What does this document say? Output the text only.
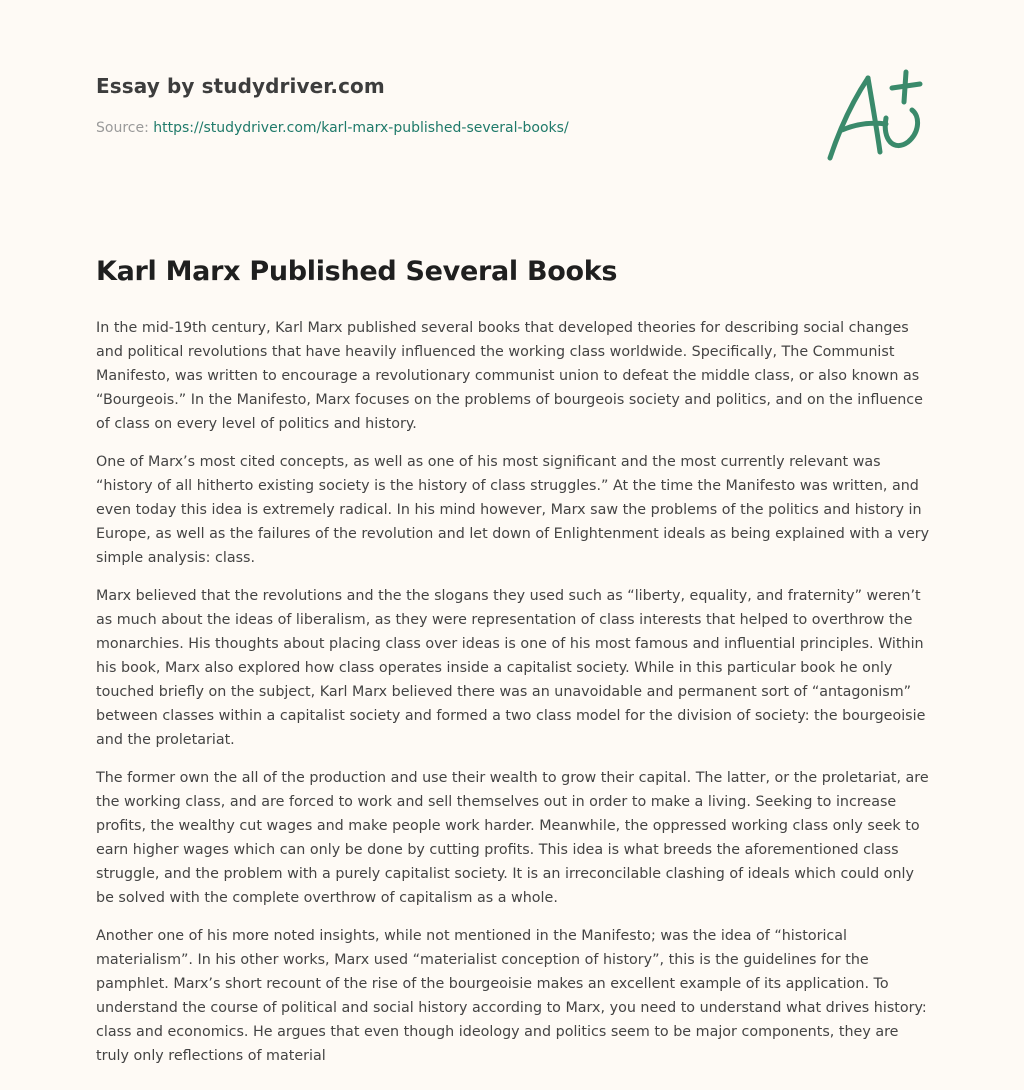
Essay by studydriver.com
Source: https://studydriver.com/karl-marx-published-several-books/
Karl Marx Published Several Books

In the mid-19th century, Karl Marx published several books that developed theories for describing social changes and political revolutions that have heavily influenced the working class worldwide. Specifically, The Communist Manifesto, was written to encourage a revolutionary communist union to defeat the middle class, or also known as “Bourgeois.” In the Manifesto, Marx focuses on the problems of bourgeois society and politics, and on the influence of class on every level of politics and history.

One of Marx’s most cited concepts, as well as one of his most significant and the most currently relevant was “history of all hitherto existing society is the history of class struggles.” At the time the Manifesto was written, and even today this idea is extremely radical. In his mind however, Marx saw the problems of the politics and history in Europe, as well as the failures of the revolution and let down of Enlightenment ideals as being explained with a very simple analysis: class.

Marx believed that the revolutions and the the slogans they used such as “liberty, equality, and fraternity” weren’t as much about the ideas of liberalism, as they were representation of class interests that helped to overthrow the monarchies. His thoughts about placing class over ideas is one of his most famous and influential principles. Within his book, Marx also explored how class operates inside a capitalist society. While in this particular book he only touched briefly on the subject, Karl Marx believed there was an unavoidable and permanent sort of “antagonism” between classes within a capitalist society and formed a two class model for the division of society: the bourgeoisie and the proletariat.

The former own the all of the production and use their wealth to grow their capital. The latter, or the proletariat, are the working class, and are forced to work and sell themselves out in order to make a living. Seeking to increase profits, the wealthy cut wages and make people work harder. Meanwhile, the oppressed working class only seek to earn higher wages which can only be done by cutting profits. This idea is what breeds the aforementioned class struggle, and the problem with a purely capitalist society. It is an irreconcilable clashing of ideals which could only be solved with the complete overthrow of capitalism as a whole.

Another one of his more noted insights, while not mentioned in the Manifesto; was the idea of “historical materialism”. In his other works, Marx used “materialist conception of history”, this is the guidelines for the pamphlet. Marx’s short recount of the rise of the bourgeoisie makes an excellent example of its application. To understand the course of political and social history according to Marx, you need to understand what drives history: class and economics. He argues that even though ideology and politics seem to be major components, they are truly only reflections of material
